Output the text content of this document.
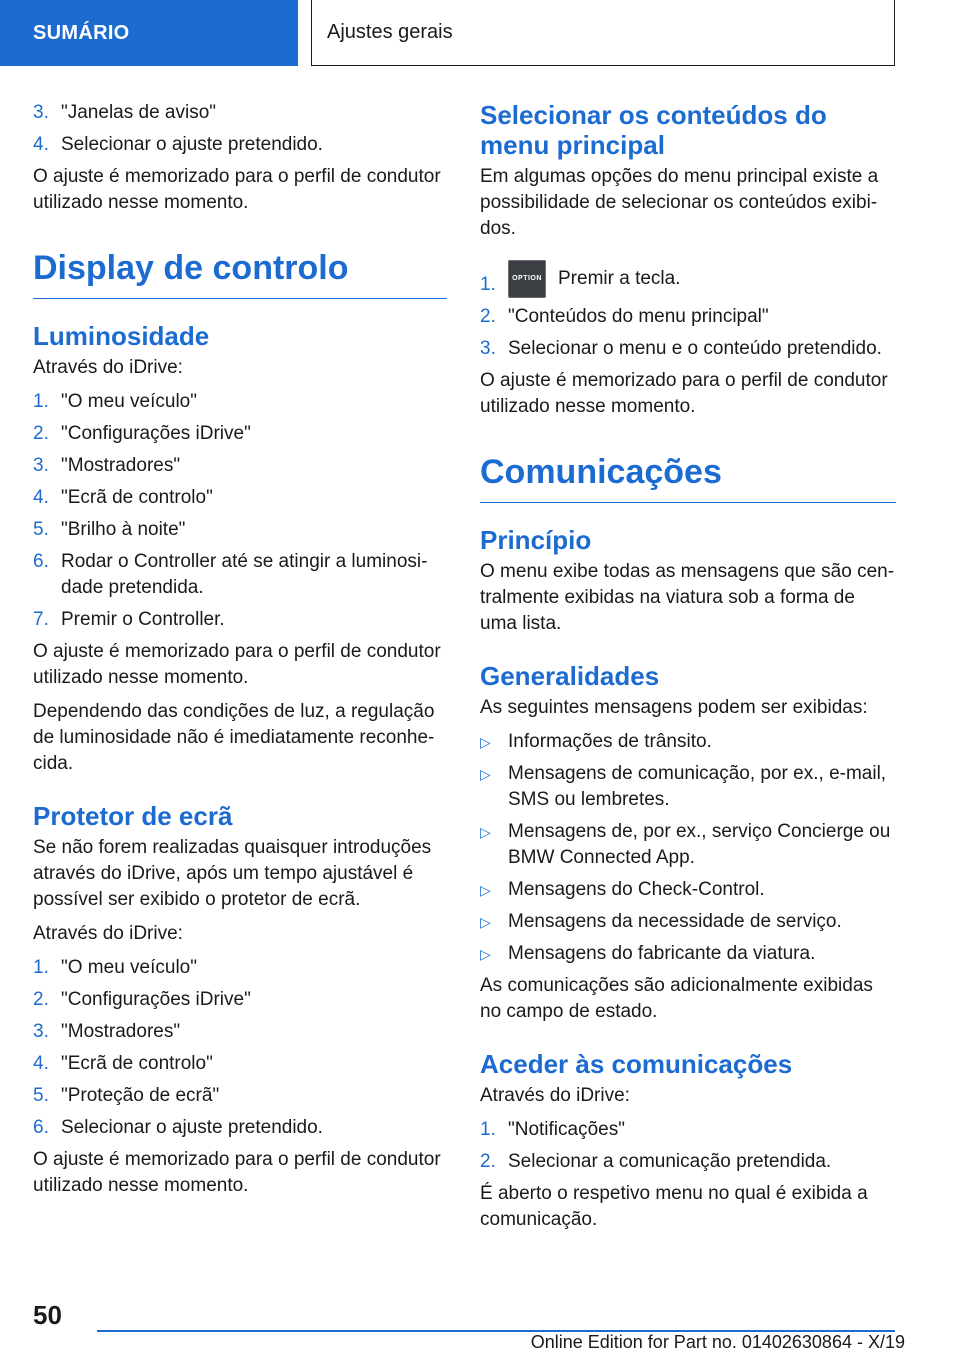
SUMÁRIO	Ajustes gerais
3. "Janelas de aviso"
4. Selecionar o ajuste pretendido.

O ajuste é memorizado para o perfil de condutor utilizado nesse momento.

Display de controlo
Luminosidade

Através do iDrive:

1. "O meu veículo"
2. "Configurações iDrive"
3. "Mostradores"
4. "Ecrã de controlo"
5. "Brilho à noite"
6. Rodar o Controller até se atingir a luminosi- dade pretendida.
7. Premir o Controller.

O ajuste é memorizado para o perfil de condutor utilizado nesse momento.

Dependendo das condições de luz, a regulação de luminosidade não é imediatamente reconhe- cida.

Protetor de ecrã

Se não forem realizadas quaisquer introduções através do iDrive, após um tempo ajustável é possível ser exibido o protetor de ecrã.

Através do iDrive:

1. "O meu veículo"
2. "Configurações iDrive"
3. "Mostradores"
4. "Ecrã de controlo"
5. "Proteção de ecrã"
6. Selecionar o ajuste pretendido.

O ajuste é memorizado para o perfil de condutor utilizado nesse momento.

Selecionar os conteúdos do menu principal

Em algumas opções do menu principal existe a possibilidade de selecionar os conteúdos exibi- dos.

1.	OPTION Premir a tecla.
2. "Conteúdos do menu principal"
3. Selecionar o menu e o conteúdo pretendido.

O ajuste é memorizado para o perfil de condutor utilizado nesse momento.

Comunicações
Princípio

O menu exibe todas as mensagens que são cen- tralmente exibidas na viatura sob a forma de uma lista.

Generalidades

As seguintes mensagens podem ser exibidas:

▷ Informações de trânsito.
▷ Mensagens de comunicação, por ex., e-mail, SMS ou lembretes.
▷ Mensagens de, por ex., serviço Concierge ou BMW Connected App.
▷ Mensagens do Check-Control.
▷ Mensagens da necessidade de serviço.
▷ Mensagens do fabricante da viatura.

As comunicações são adicionalmente exibidas no campo de estado.

Aceder às comunicações

Através do iDrive:

1. "Notificações"
2. Selecionar a comunicação pretendida.

É aberto o respetivo menu no qual é exibida a comunicação.

50
Online Edition for Part no. 01402630864 - X/19
